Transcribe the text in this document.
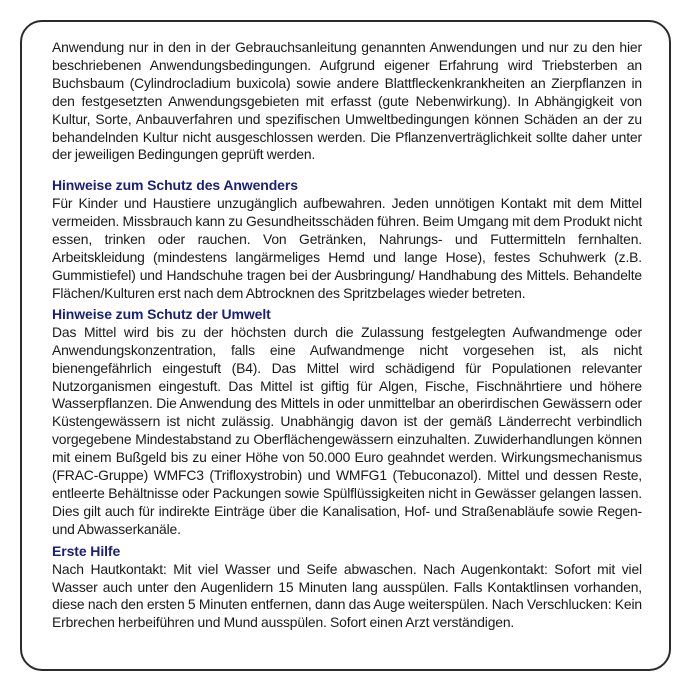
Anwendung nur in den in der Gebrauchsanleitung genannten Anwendungen und nur zu den hier beschriebenen Anwendungsbedingungen. Aufgrund eigener Erfahrung wird Triebsterben an Buchsbaum (Cylindrocladium buxicola) sowie andere Blattfleckenkrankheiten an Zierpflanzen in den festgesetzten Anwendungsgebieten mit erfasst (gute Nebenwirkung). In Abhängigkeit von Kultur, Sorte, Anbauverfahren und spezifischen Umweltbedingungen können Schäden an der zu behandelnden Kultur nicht ausgeschlossen werden. Die Pflanzenverträglichkeit sollte daher unter der jeweiligen Bedingungen geprüft werden.

Hinweise zum Schutz des Anwenders

Für Kinder und Haustiere unzugänglich aufbewahren. Jeden unnötigen Kontakt mit dem Mittel vermeiden. Missbrauch kann zu Gesundheitsschäden führen. Beim Umgang mit dem Produkt nicht essen, trinken oder rauchen. Von Getränken, Nahrungs- und Futtermitteln fernhalten. Arbeitskleidung (mindestens langärmeliges Hemd und lange Hose), festes Schuhwerk (z.B. Gummistiefel) und Handschuhe tragen bei der Ausbringung/ Handhabung des Mittels. Behandelte Flächen/Kulturen erst nach dem Abtrocknen des Spritzbelages wieder betreten.

Hinweise zum Schutz der Umwelt

Das Mittel wird bis zu der höchsten durch die Zulassung festgelegten Aufwandmenge oder Anwendungskonzentration, falls eine Aufwandmenge nicht vorgesehen ist, als nicht bienengefährlich eingestuft (B4). Das Mittel wird schädigend für Populationen relevanter Nutzorganismen eingestuft. Das Mittel ist giftig für Algen, Fische, Fischnährtiere und höhere Wasserpflanzen. Die Anwendung des Mittels in oder unmittelbar an oberirdischen Gewässern oder Küstengewässern ist nicht zulässig. Unabhängig davon ist der gemäß Länderrecht verbindlich vorgegebene Mindestabstand zu Oberflächengewässern einzuhalten. Zuwiderhandlungen können mit einem Bußgeld bis zu einer Höhe von 50.000 Euro geahndet werden. Wirkungsmechanismus (FRAC-Gruppe) WMFC3 (Trifloxystrobin) und WMFG1 (Tebuconazol). Mittel und dessen Reste, entleerte Behältnisse oder Packungen sowie Spülflüssigkeiten nicht in Gewässer gelangen lassen. Dies gilt auch für indirekte Einträge über die Kanalisation, Hof- und Straßenabläufe sowie Regen- und Abwasserkanäle.

Erste Hilfe

Nach Hautkontakt: Mit viel Wasser und Seife abwaschen. Nach Augenkontakt: Sofort mit viel Wasser auch unter den Augenlidern 15 Minuten lang ausspülen. Falls Kontaktlinsen vorhanden, diese nach den ersten 5 Minuten entfernen, dann das Auge weiterspülen. Nach Verschlucken: Kein Erbrechen herbeiführen und Mund ausspülen. Sofort einen Arzt verständigen.
